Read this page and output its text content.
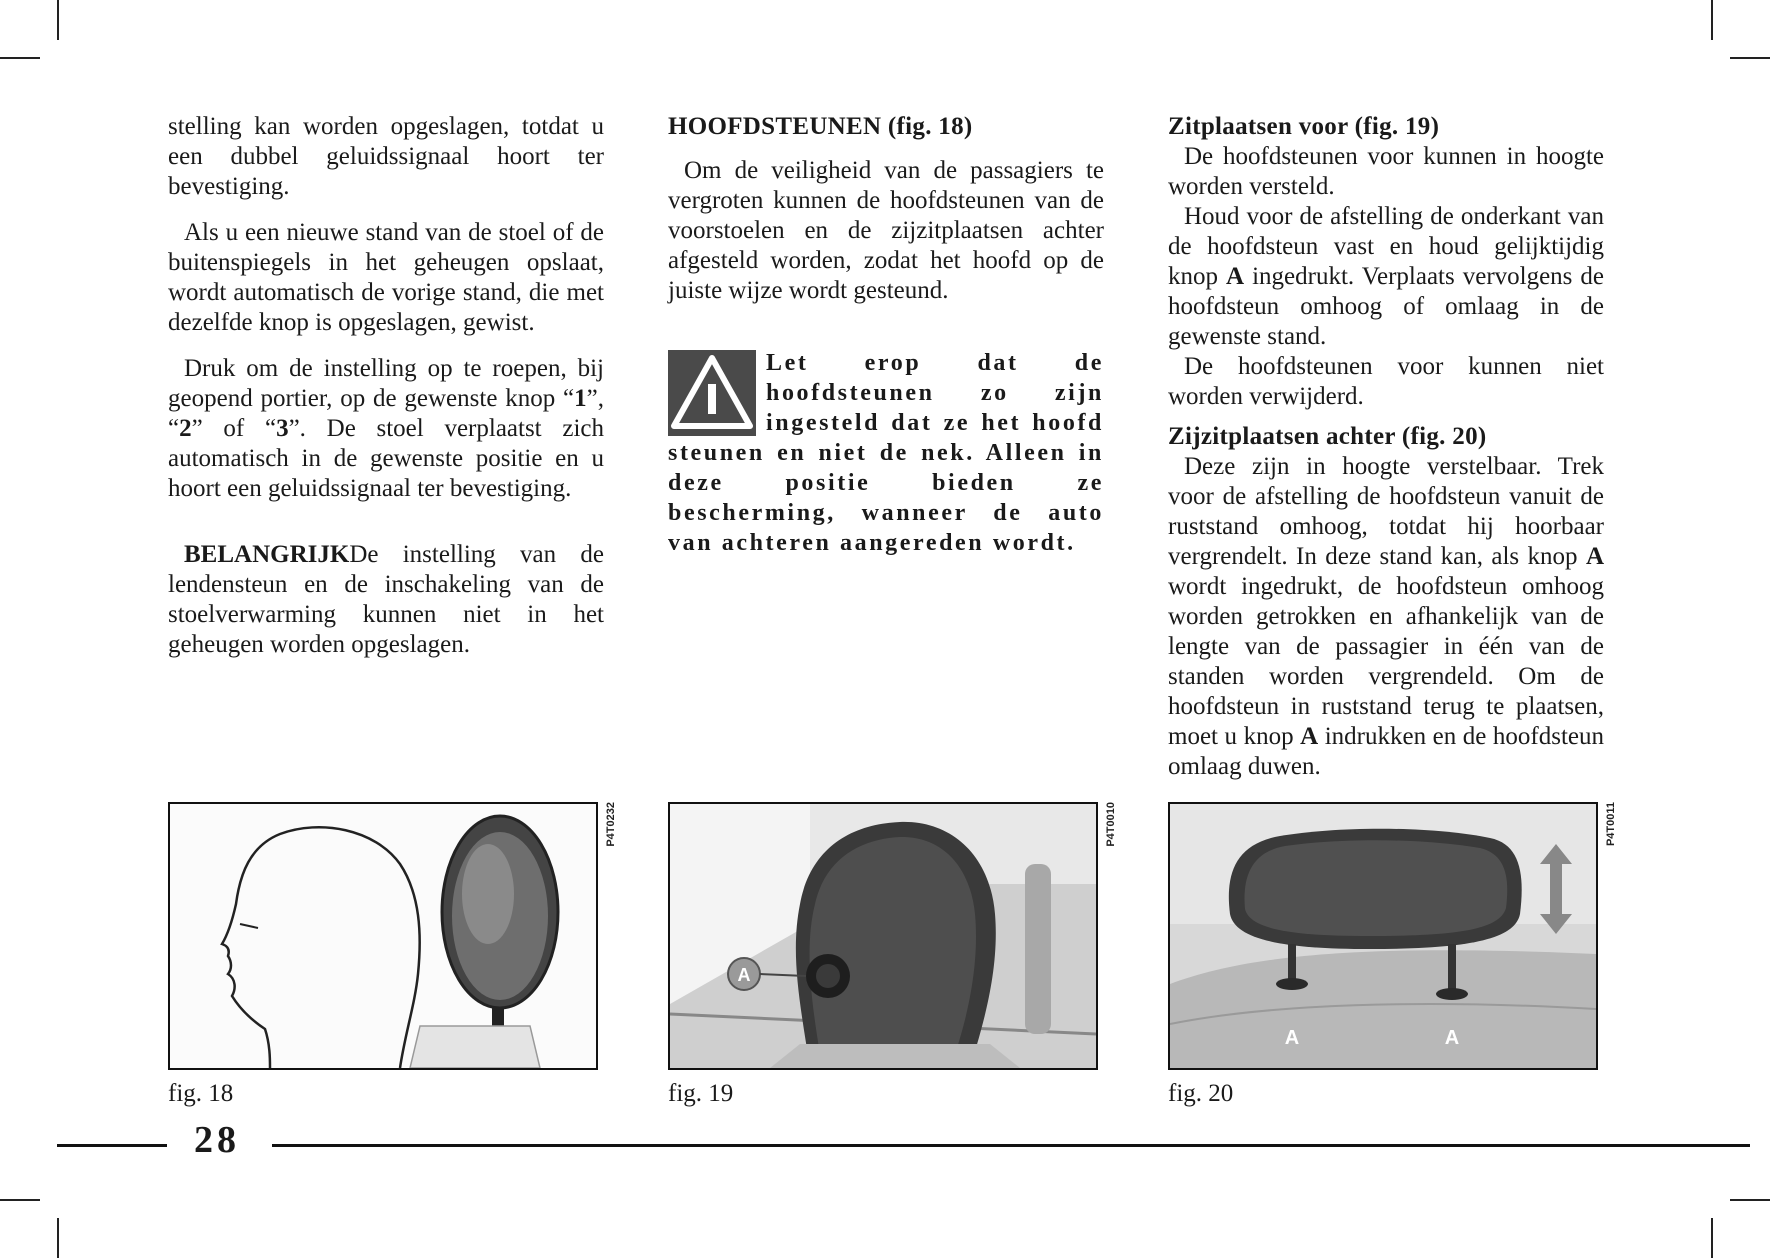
stelling kan worden opgeslagen, totdat u een dubbel geluidssignaal hoort ter bevestiging.

Als u een nieuwe stand van de stoel of de buitenspiegels in het geheugen opslaat, wordt automatisch de vorige stand, die met dezelfde knop is opgeslagen, gewist.

Druk om de instelling op te roepen, bij geopend portier, op de gewenste knop “1”, “2” of “3”. De stoel verplaatst zich automatisch in de gewenste positie en u hoort een geluidssignaal ter bevestiging.

BELANGRIJKDe instelling van de lendensteun en de inschakeling van de stoelverwarming kunnen niet in het geheugen worden opgeslagen.

HOOFDSTEUNEN (fig. 18)

Om de veiligheid van de passagiers te vergroten kunnen de hoofdsteunen van de voorstoelen en de zijzitplaatsen achter afgesteld worden, zodat het hoofd op de juiste wijze wordt gesteund.

Let erop dat de hoofdsteunen zo zijn ingesteld dat ze het hoofd steunen en niet de nek. Alleen in deze positie bieden ze bescherming, wanneer de auto van achteren aangereden wordt.

Zitplaatsen voor (fig. 19)

De hoofdsteunen voor kunnen in hoogte worden versteld.

Houd voor de afstelling de onderkant van de hoofdsteun vast en houd gelijktijdig knop A ingedrukt. Verplaats vervolgens de hoofdsteun omhoog of omlaag in de gewenste stand.

De hoofdsteunen voor kunnen niet worden verwijderd.

Zijzitplaatsen achter (fig. 20)

Deze zijn in hoogte verstelbaar. Trek voor de afstelling de hoofdsteun vanuit de ruststand omhoog, totdat hij hoorbaar vergrendelt. In deze stand kan, als knop A wordt ingedrukt, de hoofdsteun omhoog worden getrokken en afhankelijk van de lengte van de passagier in één van de standen worden vergrendeld. Om de hoofdsteun in ruststand terug te plaatsen, moet u knop A indrukken en de hoofdsteun omlaag duwen.

P4T0232
fig. 18
A
P4T0010
fig. 19
A	A
P4T0011
fig. 20
28
